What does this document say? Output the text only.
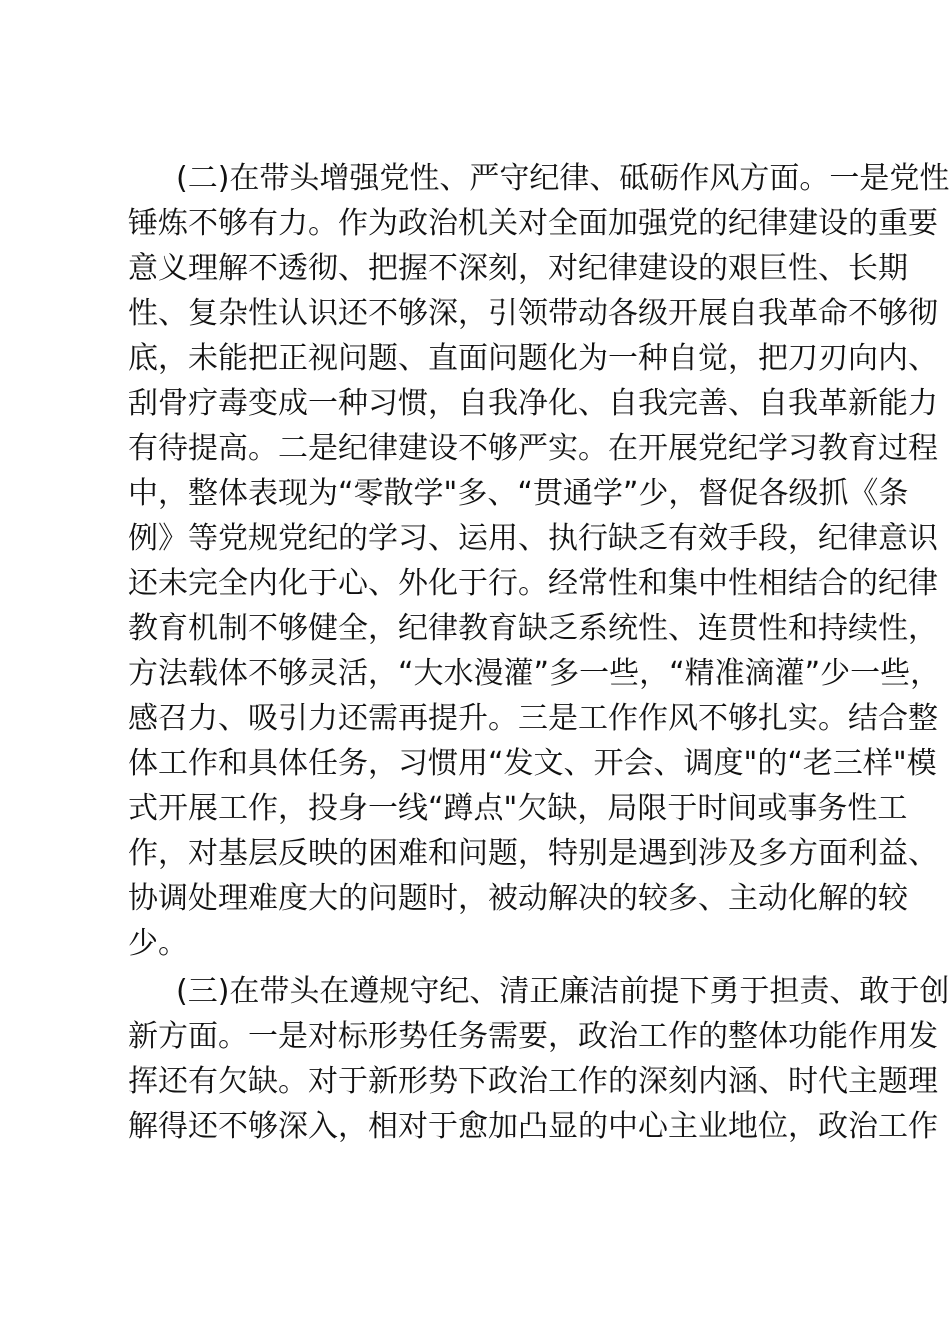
(二)在带头增强党性、严守纪律、砥砺作风方面。一是党性
锤炼不够有力。作为政治机关对全面加强党的纪律建设的重要
意义理解不透彻、把握不深刻，对纪律建设的艰巨性、长期
性、复杂性认识还不够深，引领带动各级开展自我革命不够彻
底，未能把正视问题、直面问题化为一种自觉，把刀刃向内、
刮骨疗毒变成一种习惯，自我净化、自我完善、自我革新能力
有待提高。二是纪律建设不够严实。在开展党纪学习教育过程
中，整体表现为“零散学"多、“贯通学”少，督促各级抓《条
例》等党规党纪的学习、运用、执行缺乏有效手段，纪律意识
还未完全内化于心、外化于行。经常性和集中性相结合的纪律
教育机制不够健全，纪律教育缺乏系统性、连贯性和持续性，
方法载体不够灵活，“大水漫灌”多一些，“精准滴灌”少一些，
感召力、吸引力还需再提升。三是工作作风不够扎实。结合整
体工作和具体任务，习惯用“发文、开会、调度"的“老三样"模
式开展工作，投身一线“蹲点"欠缺，局限于时间或事务性工
作，对基层反映的困难和问题，特别是遇到涉及多方面利益、
协调处理难度大的问题时，被动解决的较多、主动化解的较
少。
(三)在带头在遵规守纪、清正廉洁前提下勇于担责、敢于创
新方面。一是对标形势任务需要，政治工作的整体功能作用发
挥还有欠缺。对于新形势下政治工作的深刻内涵、时代主题理
解得还不够深入，相对于愈加凸显的中心主业地位，政治工作
